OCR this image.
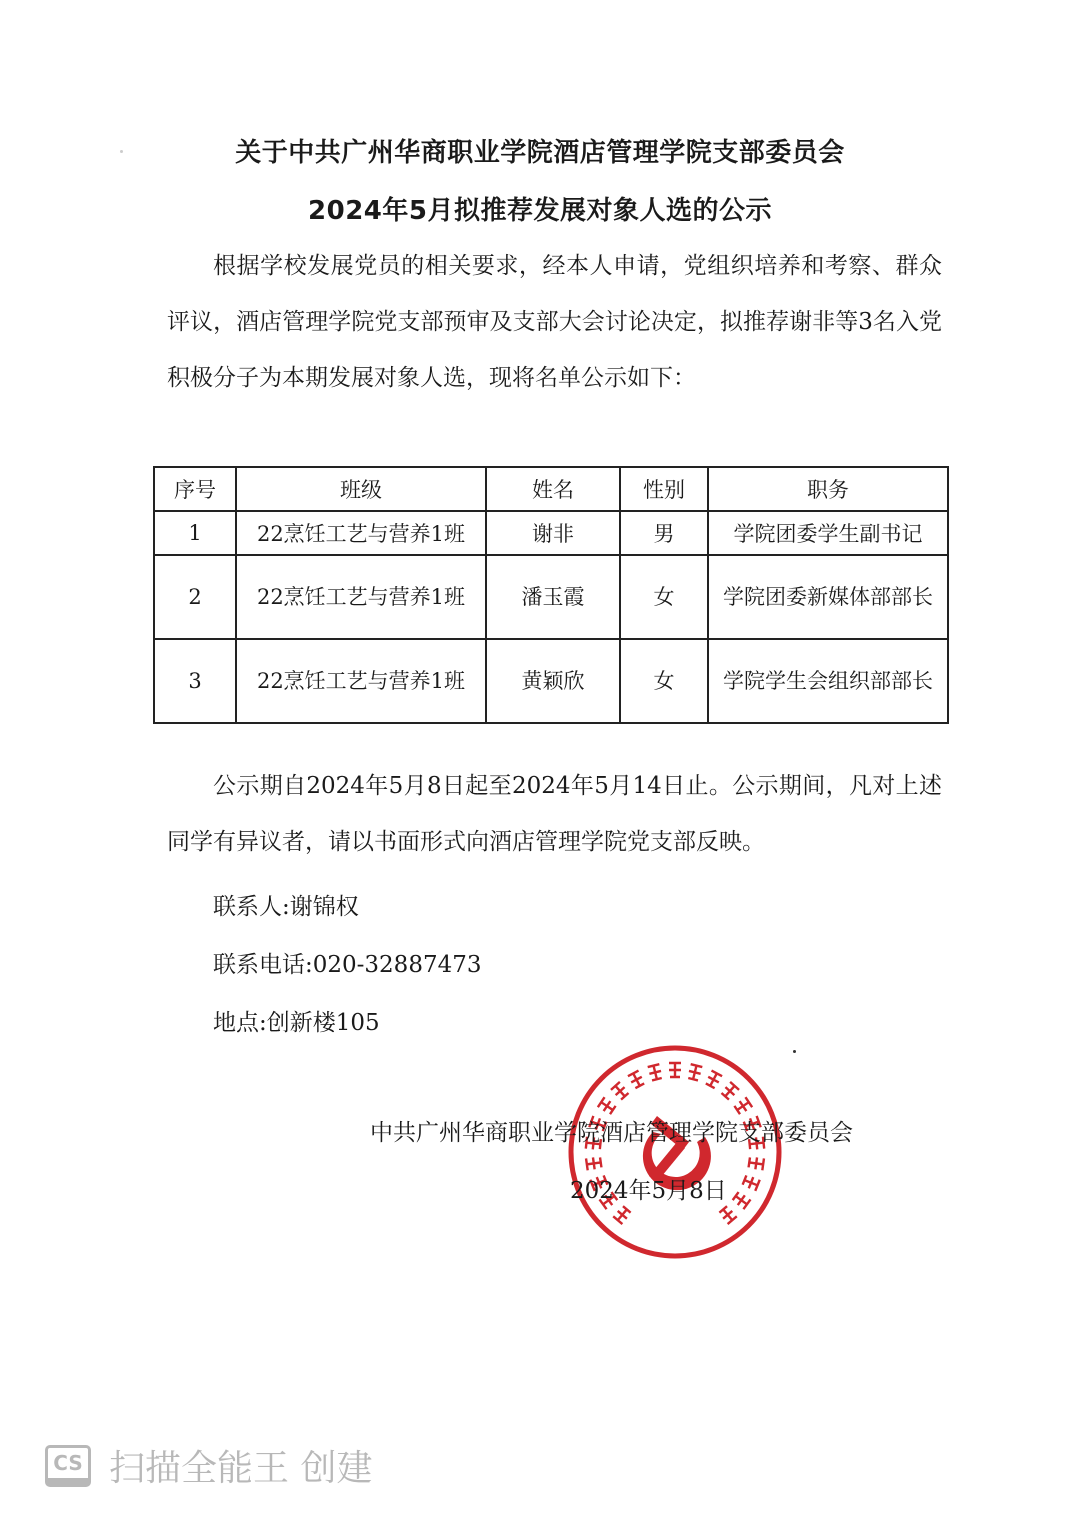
关于中共广州华商职业学院酒店管理学院支部委员会
2024年5月拟推荐发展对象人选的公示
根据学校发展党员的相关要求，经本人申请，党组织培养和考察、群众评议，酒店管理学院党支部预审及支部大会讨论决定，拟推荐谢非等3名入党积极分子为本期发展对象人选，现将名单公示如下：
序号	班级	姓名	性别	职务
1	22烹饪工艺与营养1班	谢非	男	学院团委学生副书记
2	22烹饪工艺与营养1班	潘玉霞	女	学院团委新媒体部部长
3	22烹饪工艺与营养1班	黄颖欣	女	学院学生会组织部部长
公示期自2024年5月8日起至2024年5月14日止。公示期间，凡对上述同学有异议者，请以书面形式向酒店管理学院党支部反映。
联系人:谢锦权
联系电话:020-32887473
地点:创新楼105
中共广州华商职业学院酒店管理学院支部委员会
2024年5月8日
CS 扫描全能王 创建
